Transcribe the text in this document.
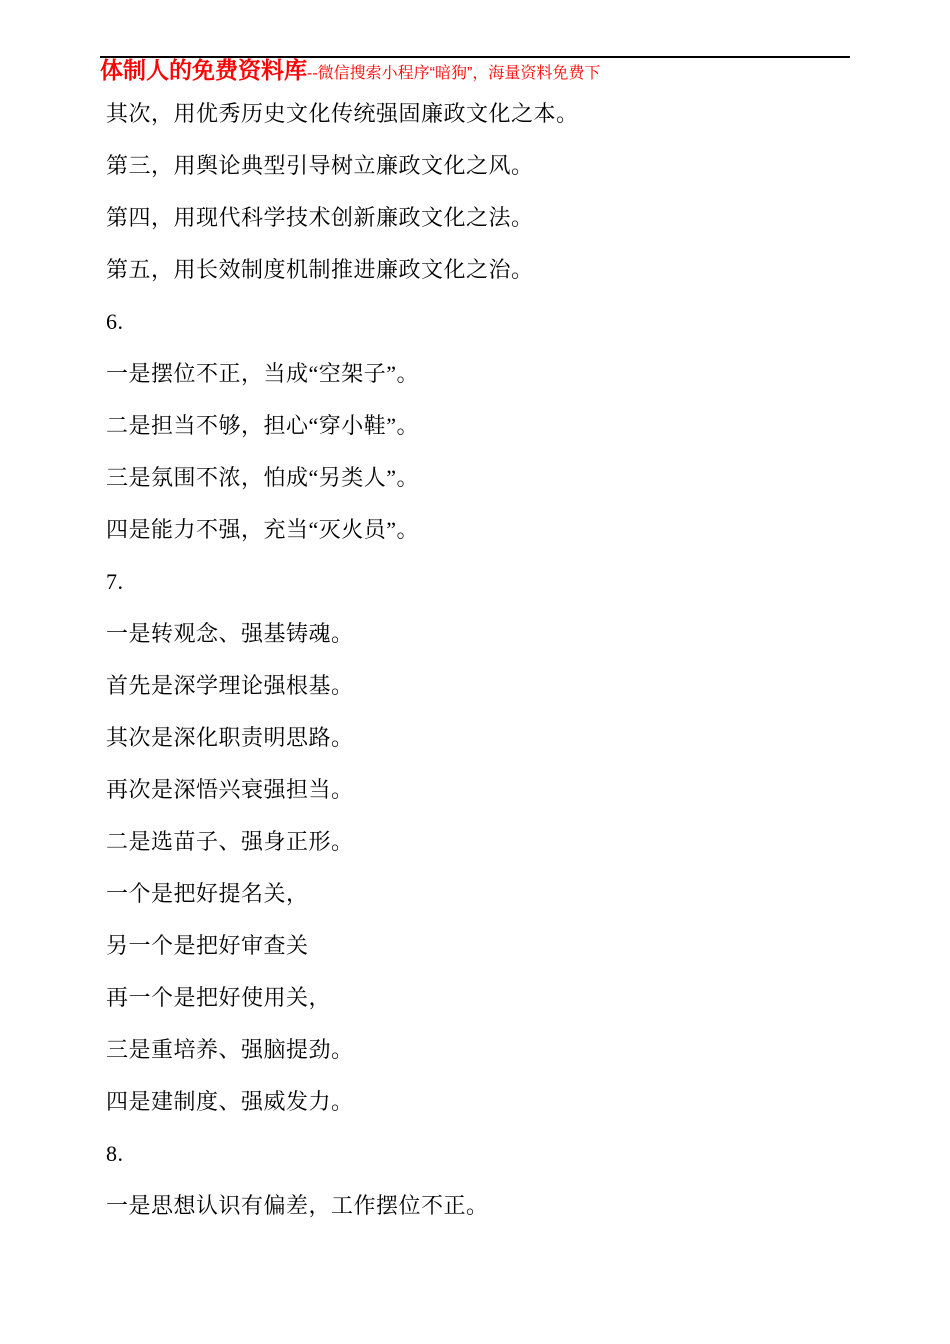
体制人的免费资料库--微信搜索小程序“暗狗”，海量资料免费下

其次，用优秀历史文化传统强固廉政文化之本。

第三，用舆论典型引导树立廉政文化之风。

第四，用现代科学技术创新廉政文化之法。

第五，用长效制度机制推进廉政文化之治。

6.

一是摆位不正，当成“空架子”。

二是担当不够，担心“穿小鞋”。

三是氛围不浓，怕成“另类人”。

四是能力不强，充当“灭火员”。

7.

一是转观念、强基铸魂。

首先是深学理论强根基。

其次是深化职责明思路。

再次是深悟兴衰强担当。

二是选苗子、强身正形。

一个是把好提名关，

另一个是把好审查关

再一个是把好使用关，

三是重培养、强脑提劲。

四是建制度、强威发力。

8.

一是思想认识有偏差，工作摆位不正。
